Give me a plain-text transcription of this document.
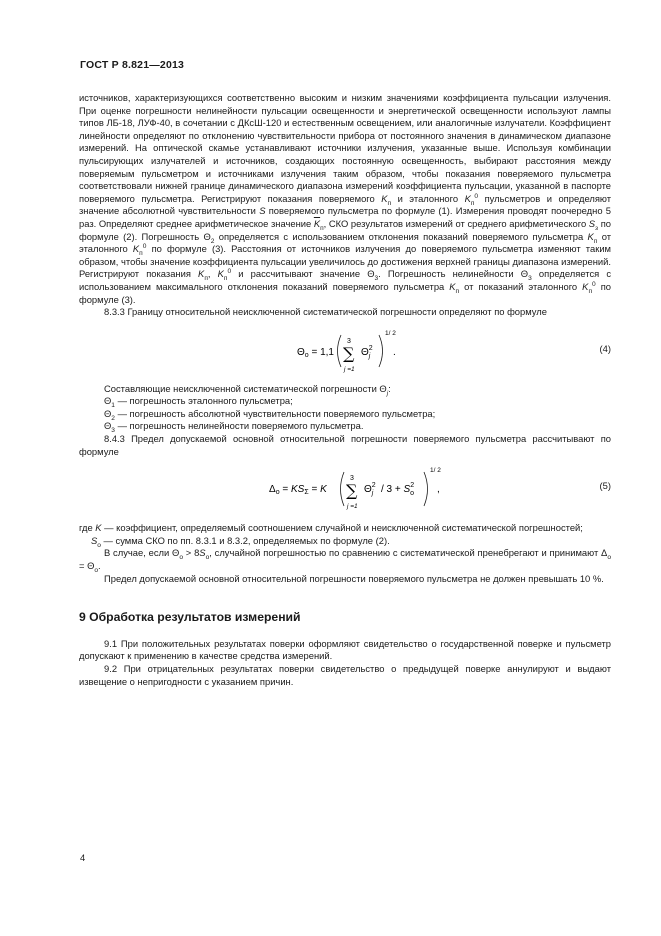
ГОСТ Р 8.821—2013

источников, характеризующихся соответственно высоким и низким значениями коэффициента пульсации излучения. При оценке погрешности нелинейности пульсации освещенности и энергетической освещенности используют лампы типов ЛБ-18, ЛУФ-40, в сочетании с ДКсШ-120 и естественным освещением, или аналогичные излучатели. Коэффициент линейности определяют по отклонению чувствительности прибора от постоянного значения в динамическом диапазоне измерений. На оптической скамье устанавливают источники излучения, указанные выше. Используя комбинации пульсирующих излучателей и источников, создающих постоянную освещенность, выбирают расстояния между поверяемым пульсметром и источниками излучения таким образом, чтобы показания поверяемого пульсметра соответствовали нижней границе динамического диапазона измерений коэффициента пульсации, указанной в паспорте поверяемого пульсметра. Регистрируют показания поверяемого $K_п$ и эталонного $K_п^0$ пульсметров и определяют значение абсолютной чувствительности S поверяемого пульсметра по формуле (1). Измерения проводят поочередно 5 раз. Определяют среднее арифметическое значение $\overline{K}_п$, СКО результатов измерений от среднего арифметического $S_з$ по формуле (2). Погрешность $\Theta_2$ определяется с использованием отклонения показаний поверяемого пульсметра $K_п$ от эталонного $K_п^0$ по формуле (3). Расстояния от источников излучения до поверяемого пульсметра изменяют таким образом, чтобы значение коэффициента пульсации увеличилось до достижения верхней границы диапазона измерений. Регистрируют показания $K_п$, $K_п^0$ и рассчитывают значение $\Theta_3$. Погрешность нелинейности $\Theta_3$ определяется с использованием максимального отклонения показаний поверяемого пульсметра $K_п$ от показаний эталонного $K_п^0$ по формуле (3).

8.3.3 Границу относительной неисключенной систематической погрешности определяют по формуле

$\Theta_о = 1,1$
3
∑
j =1
$\Theta^2$ j
1/ 2
.	(4)

Составляющие неисключенной систематической погрешности $\Theta_j$:

$\Theta_1$ — погрешность эталонного пульсметра;

$\Theta_2$ — погрешность абсолютной чувствительности поверяемого пульсметра;

$\Theta_3$ — погрешность нелинейности поверяемого пульсметра.

8.4.3 Предел допускаемой основной относительной погрешности поверяемого пульсметра рассчитывают по формуле

$\Delta_о = KS_\Sigma = K$
3
∑
j =1
$\Theta^2$ $j / 3 + S^2$ о
1/ 2
,	(5)

где K — коэффициент, определяемый соотношением случайной и неисключенной систематической погрешностей;

$S_о$ — сумма СКО по пп. 8.3.1 и 8.3.2, определяемых по формуле (2).

В случае, если $\Theta_о > 8S_о$, случайной погрешностью по сравнению с систематической пренебрегают и принимают $\Delta_о = \Theta_о$.

Предел допускаемой основной относительной погрешности поверяемого пульсметра не должен превышать 10 %.

9 Обработка результатов измерений

9.1 При положительных результатах поверки оформляют свидетельство о государственной поверке и пульсметр допускают к применению в качестве средства измерений.

9.2 При отрицательных результатах поверки свидетельство о предыдущей поверке аннулируют и выдают извещение о непригодности с указанием причин.

4
